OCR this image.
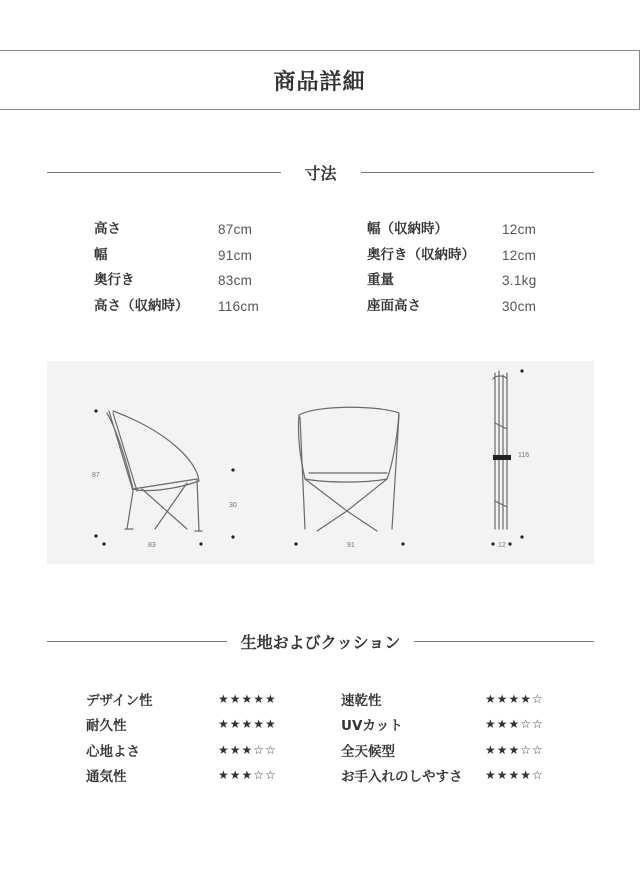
商品詳細
寸法
高さ	87cm
幅	91cm
奥行き	83cm
高さ（収納時）	116cm
幅（収納時）	12cm
奥行き（収納時）	12cm
重量	3.1kg
座面高さ	30cm
87
83
30
91
116
12
生地およびクッション
デザイン性	★★★★★
耐久性	★★★★★
心地よさ	★★★☆☆
通気性	★★★☆☆
速乾性	★★★★☆
UVカット	★★★☆☆
全天候型	★★★☆☆
お手入れのしやすさ	★★★★☆
